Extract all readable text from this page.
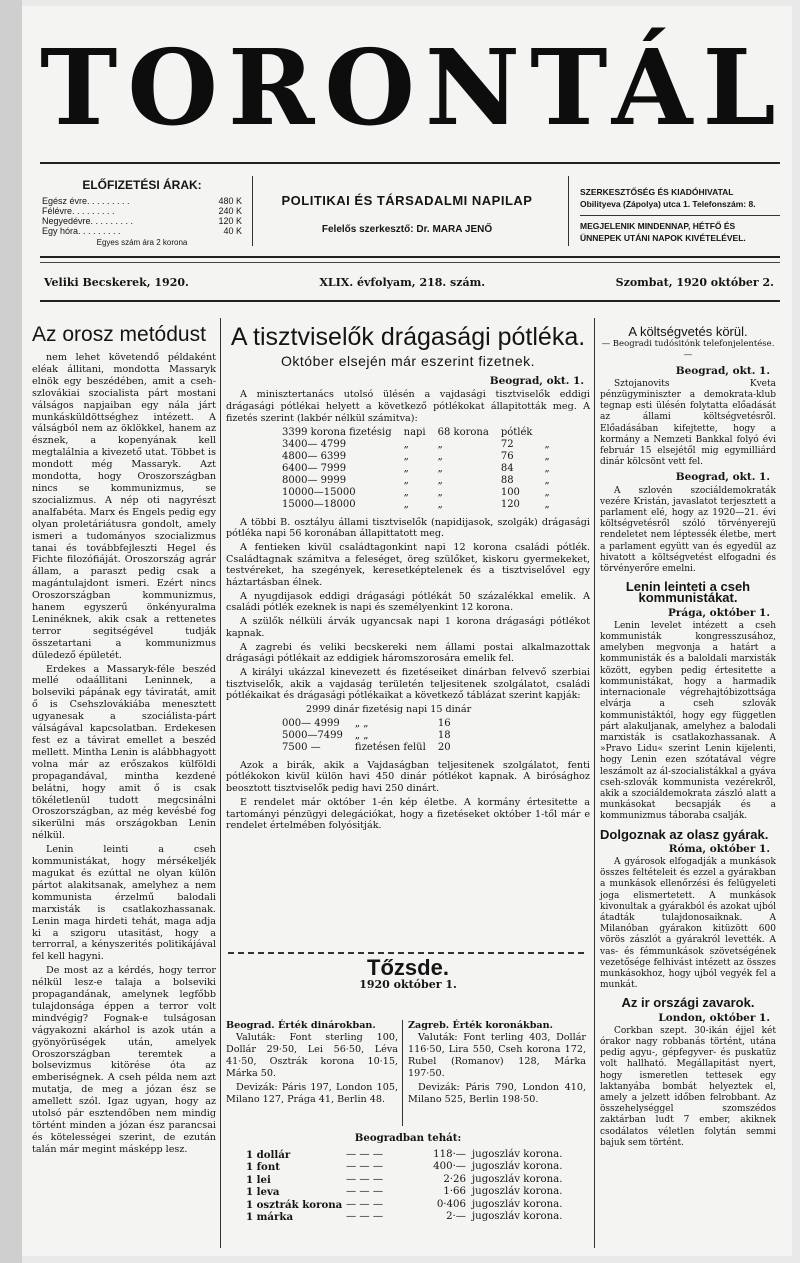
TORONTÁL
ELŐFIZETÉSI ÁRAK:
Egész évre . . . . . . . . .	480 K
Félévre . . . . . . . . .	240 K
Negyedévre . . . . . . . . .	120 K
Egy hóra . . . . . . . . .	40 K
Egyes szám ára 2 korona
POLITIKAI ÉS TÁRSADALMI NAPILAP
Felelős szerkesztő: Dr. MARA JENŐ
SZERKESZTŐSÉG ÉS KIADÓHIVATAL
Obilityeva (Zápolya) utca 1. Telefonszám: 8.
MEGJELENIK MINDENNAP, HÉTFŐ ÉS
ÜNNEPEK UTÁNI NAPOK KIVÉTELÉVEL.
Veliki Becskerek, 1920.	XLIX. évfolyam, 218. szám.	Szombat, 1920 október 2.
Az orosz metódust

nem lehet követendő példaként eléak állitani, mondotta Massaryk elnök egy beszédében, amit a cseh-szlovákiai szocialista párt mostani válságos napjaiban egy nála járt munkásküldöttséghez intézett. A válságból nem az öklökkel, hanem az észnek, a kopenyának kell megtalálnia a kivezető utat. Többet is mondott még Massaryk. Azt mondotta, hogy Oroszországban nincs se kommunizmus, se szocializmus. A nép oti nagyrészt analfabéta. Marx és Engels pedig egy olyan proletáriátusra gondolt, amely ismeri a tudományos szocializmus tanai és továbbfejleszti Hegel és Fichte filozófiáját. Oroszország agrár állam, a paraszt pedig csak a magántulajdont ismeri. Ezért nincs Oroszországban kommunizmus, hanem egyszerű önkényuralma Leninéknek, akik csak a rettenetes terror segitségével tudják összetartani a kommunizmus düledező épületét.

Erdekes a Massaryk-féle beszéd mellé odaállitani Leninnek, a bolseviki pápának egy táviratát, amit ő is Csehszlovákiába menesztett ugyanesak a szociálista-párt válságával kapcsolatban. Erdekesen fest ez a távirat emellet a beszéd mellett. Mintha Lenin is alábbhagyott volna már az erőszakos külföldi propagandával, mintha kezdené belátni, hogy amit ő is csak tökéletlenül tudott megcsinálni Oroszországban, az még kevésbé fog sikerülni más országokban Lenin nélkül.

Lenin leinti a cseh kommunistákat, hogy mérsékeljék magukat és ezúttal ne olyan külön pártot alakitsanak, amelyhez a nem kommunista érzelmű balodali marxisták is csatlakozhassanak. Lenin maga hirdeti tehát, maga adja ki a szigoru utasitást, hogy a terrorral, a kényszerités politikájával fel kell hagyni.

De most az a kérdés, hogy terror nélkül lesz-e talaja a bolseviki propagandának, amelynek legfőbb tulajdonsága éppen a terror volt mindvégig? Fognak-e tulságosan vágyakozni akárhol is azok után a gyönyörüségek után, amelyek Oroszországban teremtek a bolsevizmus kitörése óta az emberiségnek. A cseh példa nem azt mutatja, de meg a józan ész se amellett szól. Igaz ugyan, hogy az utolsó pár esztendőben nem mindig történt minden a józan ész parancsai és kötelességei szerint, de ezután talán már megint másképp lesz.

A tisztviselők drágasági pótléka.
Október elsején már eszerint fizetnek.
Beograd, okt. 1.

A minisztertanács utolsó ülésén a vajdasági tisztviselők eddigi drágasági pótlékai helyett a következő pótlékokat állapitották meg. A fizetés szerint (lakbér nélkül számitva):

3399 korona fizetésig	napi	68 korona	pótlék	
3400— 4799	„	„	72	„
4800— 6399	„	„	76	„
6400— 7999	„	„	84	„
8000— 9999	„	„	88	„
10000—15000	„	„	100	„
15000—18000	„	„	120	„

A többi B. osztályu állami tisztviselők (napidijasok, szolgák) drágasági pótléka napi 56 koronában állapittatott meg.

A fentieken kivül családtagonkint napi 12 korona családi pótlék. Családtagnak számitva a feleséget, öreg szülőket, kiskoru gyermekeket, testvéreket, ha szegények, keresetképtelenek és a tisztviselővel egy háztartásban élnek.

A nyugdijasok eddigi drágasági pótlékát 50 százalékkal emelik. A családi pótlék ezeknek is napi és személyenkint 12 korona.

A szülők nélküli árvák ugyancsak napi 1 korona drágasági pótlékot kapnak.

A zagrebi és veliki becskereki nem állami postai alkalmazottak drágasági pótlékait az eddigiek háromszorosára emelik fel.

A királyi ukázzal kinevezett és fizetéseiket dinárban felvevő szerbiai tisztviselők, akik a vajdaság területén teljesitenek szolgálatot, családi pótlékaikat és drágasági pótlékaikat a következő táblázat szerint kapják:

2999 dinár fizetésig napi 15 dinár
000— 4999	„ „	16
5000—7499	„ „	18
7500 —	fizetésen felül	20

Azok a birák, akik a Vajdaságban teljesitenek szolgálatot, fenti pótlékokon kivül külön havi 450 dinár pótlékot kapnak. A birósághoz beosztott tisztviselők pedig havi 250 dinárt.

E rendelet már október 1-én kép életbe. A kormány értesitette a tartományi pénzügyi delegációkat, hogy a fizetéseket október 1-től már e rendelet értelmében folyósitják.

Tőzsde.
1920 október 1.
Beograd. Érték dinárokban.

Valuták: Font sterling 100, Dollár 29·50, Lei 56·50, Léva 41·50, Osztrák korona 10·15, Márka 50.

Devizák: Páris 197, London 105, Milano 127, Prága 41, Berlin 48.

Zagreb. Érték koronákban.

Valuták: Font terling 403, Dollár 116·50, Lira 550, Cseh korona 172, Rubel (Romanov) 128, Márka 197·50.

Devizák: Páris 790, London 410, Milano 525, Berlin 198·50.

Beogradban tehát:
1 dollár	— — —	118·— jugoszláv korona.
1 font	— — —	400·— jugoszláv korona.
1 lei	— — —	2·26 jugoszláv korona.
1 leva	— — —	1·66 jugoszláv korona.
1 osztrák korona — — —	0·406 jugoszláv korona.
1 márka	— — —	2·— jugoszláv korona.
A költségvetés körül.
— Beogradi tudósitónk telefonjelentése. —
Beograd, okt. 1.

Sztojanovits Kveta pénzügyminiszter a demokrata-klub tegnap esti ülésén folytatta előadását az állami költségvetésről. Előadásában kifejtette, hogy a kormány a Nemzeti Bankkal folyó évi február 15 elsejétől mig egymilliárd dinár kölcsönt vett fel.

Beograd, okt. 1.

A szlovén szociáldemokraták vezére Kristán, javaslatot terjesztett a parlament elé, hogy az 1920—21. évi költségvetésről szóló törvényerejü rendeletet nem léptessék életbe, mert a parlament együtt van és egyedül az hivatott a költségvetést elfogadni és törvényerőre emelni.

Lenin leinteti a cseh kommunistákat.
Prága, október 1.

Lenin levelet intézett a cseh kommunisták kongresszusához, amelyben megvonja a határt a kommunisták és a baloldali marxisták között, egyben pedig értesitette a kommunistákat, hogy a harmadik internacionale végrehajtóbizottsága elvárja a cseh szlovák kommunistáktól, hogy egy független párt alakuljanak, amelyhez a balodali marxisták is csatlakozhassanak. A »Pravo Lidu« szerint Lenin kijelenti, hogy Lenin ezen szótatával végre leszámolt az ál-szocialistákkal a gyáva cseh-szlovák kommunista vezérekről, akik a szociáldemokrata zászló alatt a munkásokat becsapják és a kommunizmus táboraba csalják.

Dolgoznak az olasz gyárak.
Róma, október 1.

A gyárosok elfogadják a munkások összes feltételeit és ezzel a gyárakban a munkások ellenőrzési és felügyeleti joga elismertetett. A munkások kivonultak a gyárakból és azokat ujból átadták tulajdonosaiknak. A Milanóban gyárakon kitüzött 600 vörös zászlót a gyárakról levették. A vas- és fémmunkások szövetségének vezetősége felhivást intézett az összes munkásokhoz, hogy ujból vegyék fel a munkát.

Az ir országi zavarok.
London, október 1.

Corkban szept. 30-ikán éjjel két órakor nagy robbanás történt, utána pedig agyu-, gépfegyver- és puskatüz volt hallható. Megállapitást nyert, hogy ismeretlen tettesek egy laktanyába bombát helyeztek el, amely a jelzett időben felrobbant. Az összehelységgel szomszédos zaktárban ludt 7 ember, akiknek csodálatos véletlen folytán semmi bajuk sem történt.
